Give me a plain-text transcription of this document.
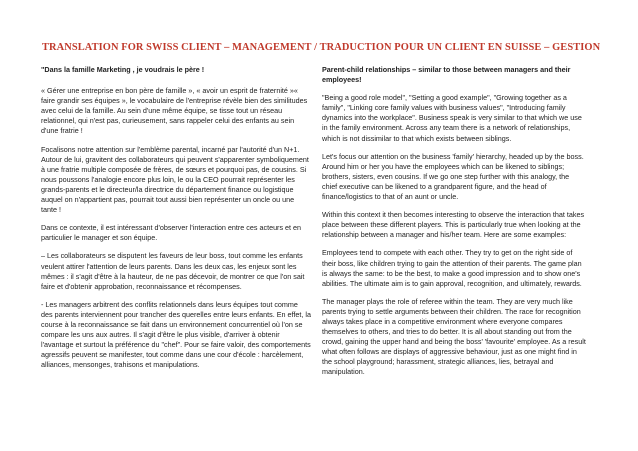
TRANSLATION FOR SWISS CLIENT – MANAGEMENT / TRADUCTION POUR UN CLIENT EN SUISSE – GESTION

"Dans la famille Marketing , je voudrais le père !

« Gérer une entreprise en bon père de famille », « avoir un esprit de fraternité »« faire grandir ses équipes », le vocabulaire de l'entreprise révèle bien des similitudes avec celui de la famille. Au sein d'une même équipe, se tisse tout un réseau relationnel, qui n'est pas, curieusement, sans rappeler celui des enfants au sein d'une fratrie !

Focalisons notre attention sur l'emblème parental, incarné par l'autorité d'un N+1. Autour de lui, gravitent des collaborateurs qui peuvent s'apparenter symboliquement à une fratrie multiple composée de frères, de sœurs et pourquoi pas, de cousins. Si nous poussons l'analogie encore plus loin, le ou la CEO pourrait représenter les grands-parents et le directeur/la directrice du département finance ou logistique auquel on n'appartient pas, pourrait tout aussi bien représenter un oncle ou une tante !

Dans ce contexte, il est intéressant d'observer l'interaction entre ces acteurs et en particulier le manager et son équipe.

– Les collaborateurs se disputent les faveurs de leur boss, tout comme les enfants veulent attirer l'attention de leurs parents. Dans les deux cas, les enjeux sont les mêmes : il s'agit d'être à la hauteur, de ne pas décevoir, de montrer ce que l'on sait faire et d'obtenir approbation, reconnaissance et récompenses.

- Les managers arbitrent des conflits relationnels dans leurs équipes tout comme des parents interviennent pour trancher des querelles entre leurs enfants. En effet, la course à la reconnaissance se fait dans un environnement concurrentiel où l'on se compare les uns aux autres. Il s'agit d'être le plus visible, d'arriver à obtenir l'avantage et surtout la préférence du "chef". Pour se faire valoir, des comportements agressifs peuvent se manifester, tout comme dans une cour d'école : harcèlement, alliances, mensonges, trahisons et manipulations.

Parent-child relationships – similar to those between managers and their employees!

"Being a good role model", "Setting a good example", "Growing together as a family", "Linking core family values with business values", "Introducing family dynamics into the workplace". Business speak is very similar to that which we use in the family environment. Across any team there is a network of relationships, which is not dissimilar to that which exists between siblings.

Let's focus our attention on the business 'family' hierarchy, headed up by the boss. Around him or her you have the employees which can be likened to siblings; brothers, sisters, even cousins. If we go one step further with this analogy, the chief executive can be likened to a grandparent figure, and the head of finance/logistics to that of an aunt or uncle.

Within this context it then becomes interesting to observe the interaction that takes place between these different players. This is particularly true when looking at the relationship between a manager and his/her team. Here are some examples:

Employees tend to compete with each other. They try to get on the right side of their boss, like children trying to gain the attention of their parents. The game plan is always the same: to be the best, to make a good impression and to show one's abilities. The ultimate aim is to gain approval, recognition, and ultimately, rewards.

The manager plays the role of referee within the team. They are very much like parents trying to settle arguments between their children. The race for recognition always takes place in a competitive environment where everyone compares themselves to others, and tries to do better. It is all about standing out from the crowd, gaining the upper hand and being the boss' 'favourite' employee. As a result what often follows are displays of aggressive behaviour, just as one might find in the school playground; harassment, strategic alliances, lies, betrayal and manipulation.
